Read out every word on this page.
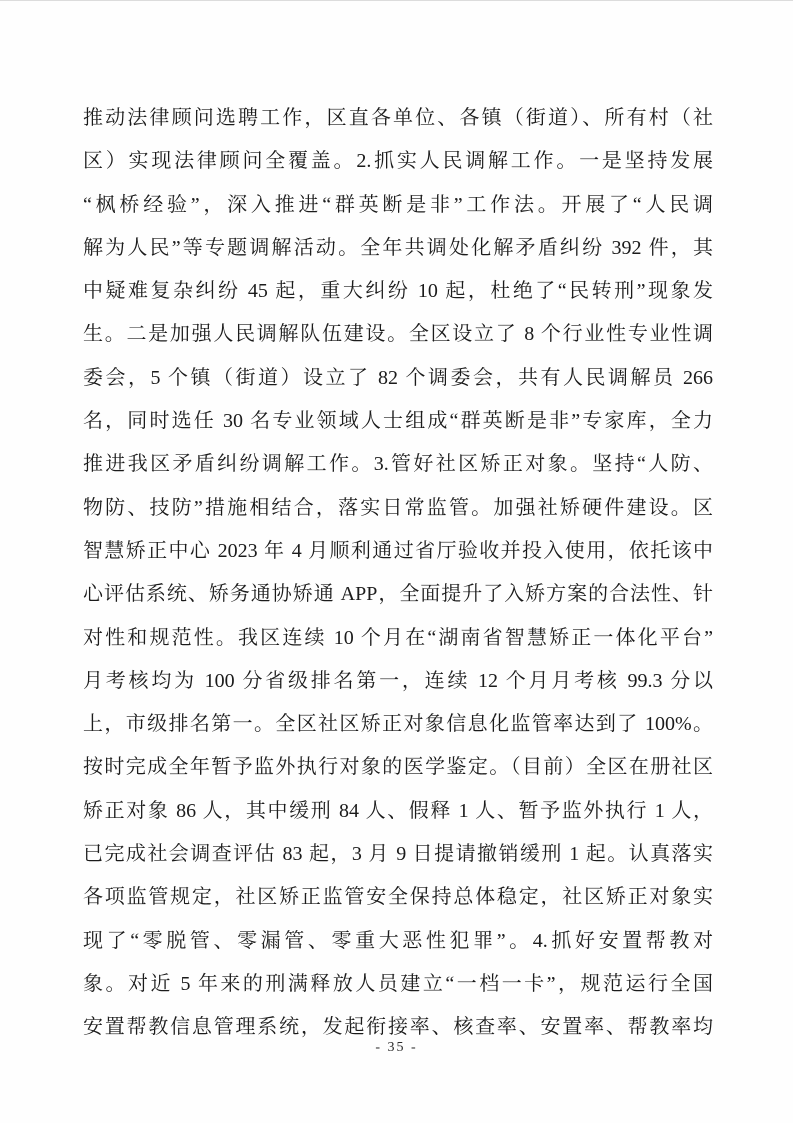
推动法律顾问选聘工作，区直各单位、各镇（街道）、所有村（社
区）实现法律顾问全覆盖。2.抓实人民调解工作。一是坚持发展
“枫桥经验”，深入推进“群英断是非”工作法。开展了“人民调
解为人民”等专题调解活动。全年共调处化解矛盾纠纷 392 件，其
中疑难复杂纠纷 45 起，重大纠纷 10 起，杜绝了“民转刑”现象发
生。二是加强人民调解队伍建设。全区设立了 8 个行业性专业性调
委会，5 个镇（街道）设立了 82 个调委会，共有人民调解员 266
名，同时选任 30 名专业领域人士组成“群英断是非”专家库，全力
推进我区矛盾纠纷调解工作。3.管好社区矫正对象。坚持“人防、
物防、技防”措施相结合，落实日常监管。加强社矫硬件建设。区
智慧矫正中心 2023 年 4 月顺利通过省厅验收并投入使用，依托该中
心评估系统、矫务通协矫通 APP，全面提升了入矫方案的合法性、针
对性和规范性。我区连续 10 个月在“湖南省智慧矫正一体化平台”
月考核均为 100 分省级排名第一，连续 12 个月月考核 99.3 分以
上，市级排名第一。全区社区矫正对象信息化监管率达到了 100%。
按时完成全年暂予监外执行对象的医学鉴定。（目前）全区在册社区
矫正对象 86 人，其中缓刑 84 人、假释 1 人、暂予监外执行 1 人，
已完成社会调查评估 83 起，3 月 9 日提请撤销缓刑 1 起。认真落实
各项监管规定，社区矫正监管安全保持总体稳定，社区矫正对象实
现了“零脱管、零漏管、零重大恶性犯罪”。4.抓好安置帮教对
象。对近 5 年来的刑满释放人员建立“一档一卡”，规范运行全国
安置帮教信息管理系统，发起衔接率、核查率、安置率、帮教率均
- 35 -
